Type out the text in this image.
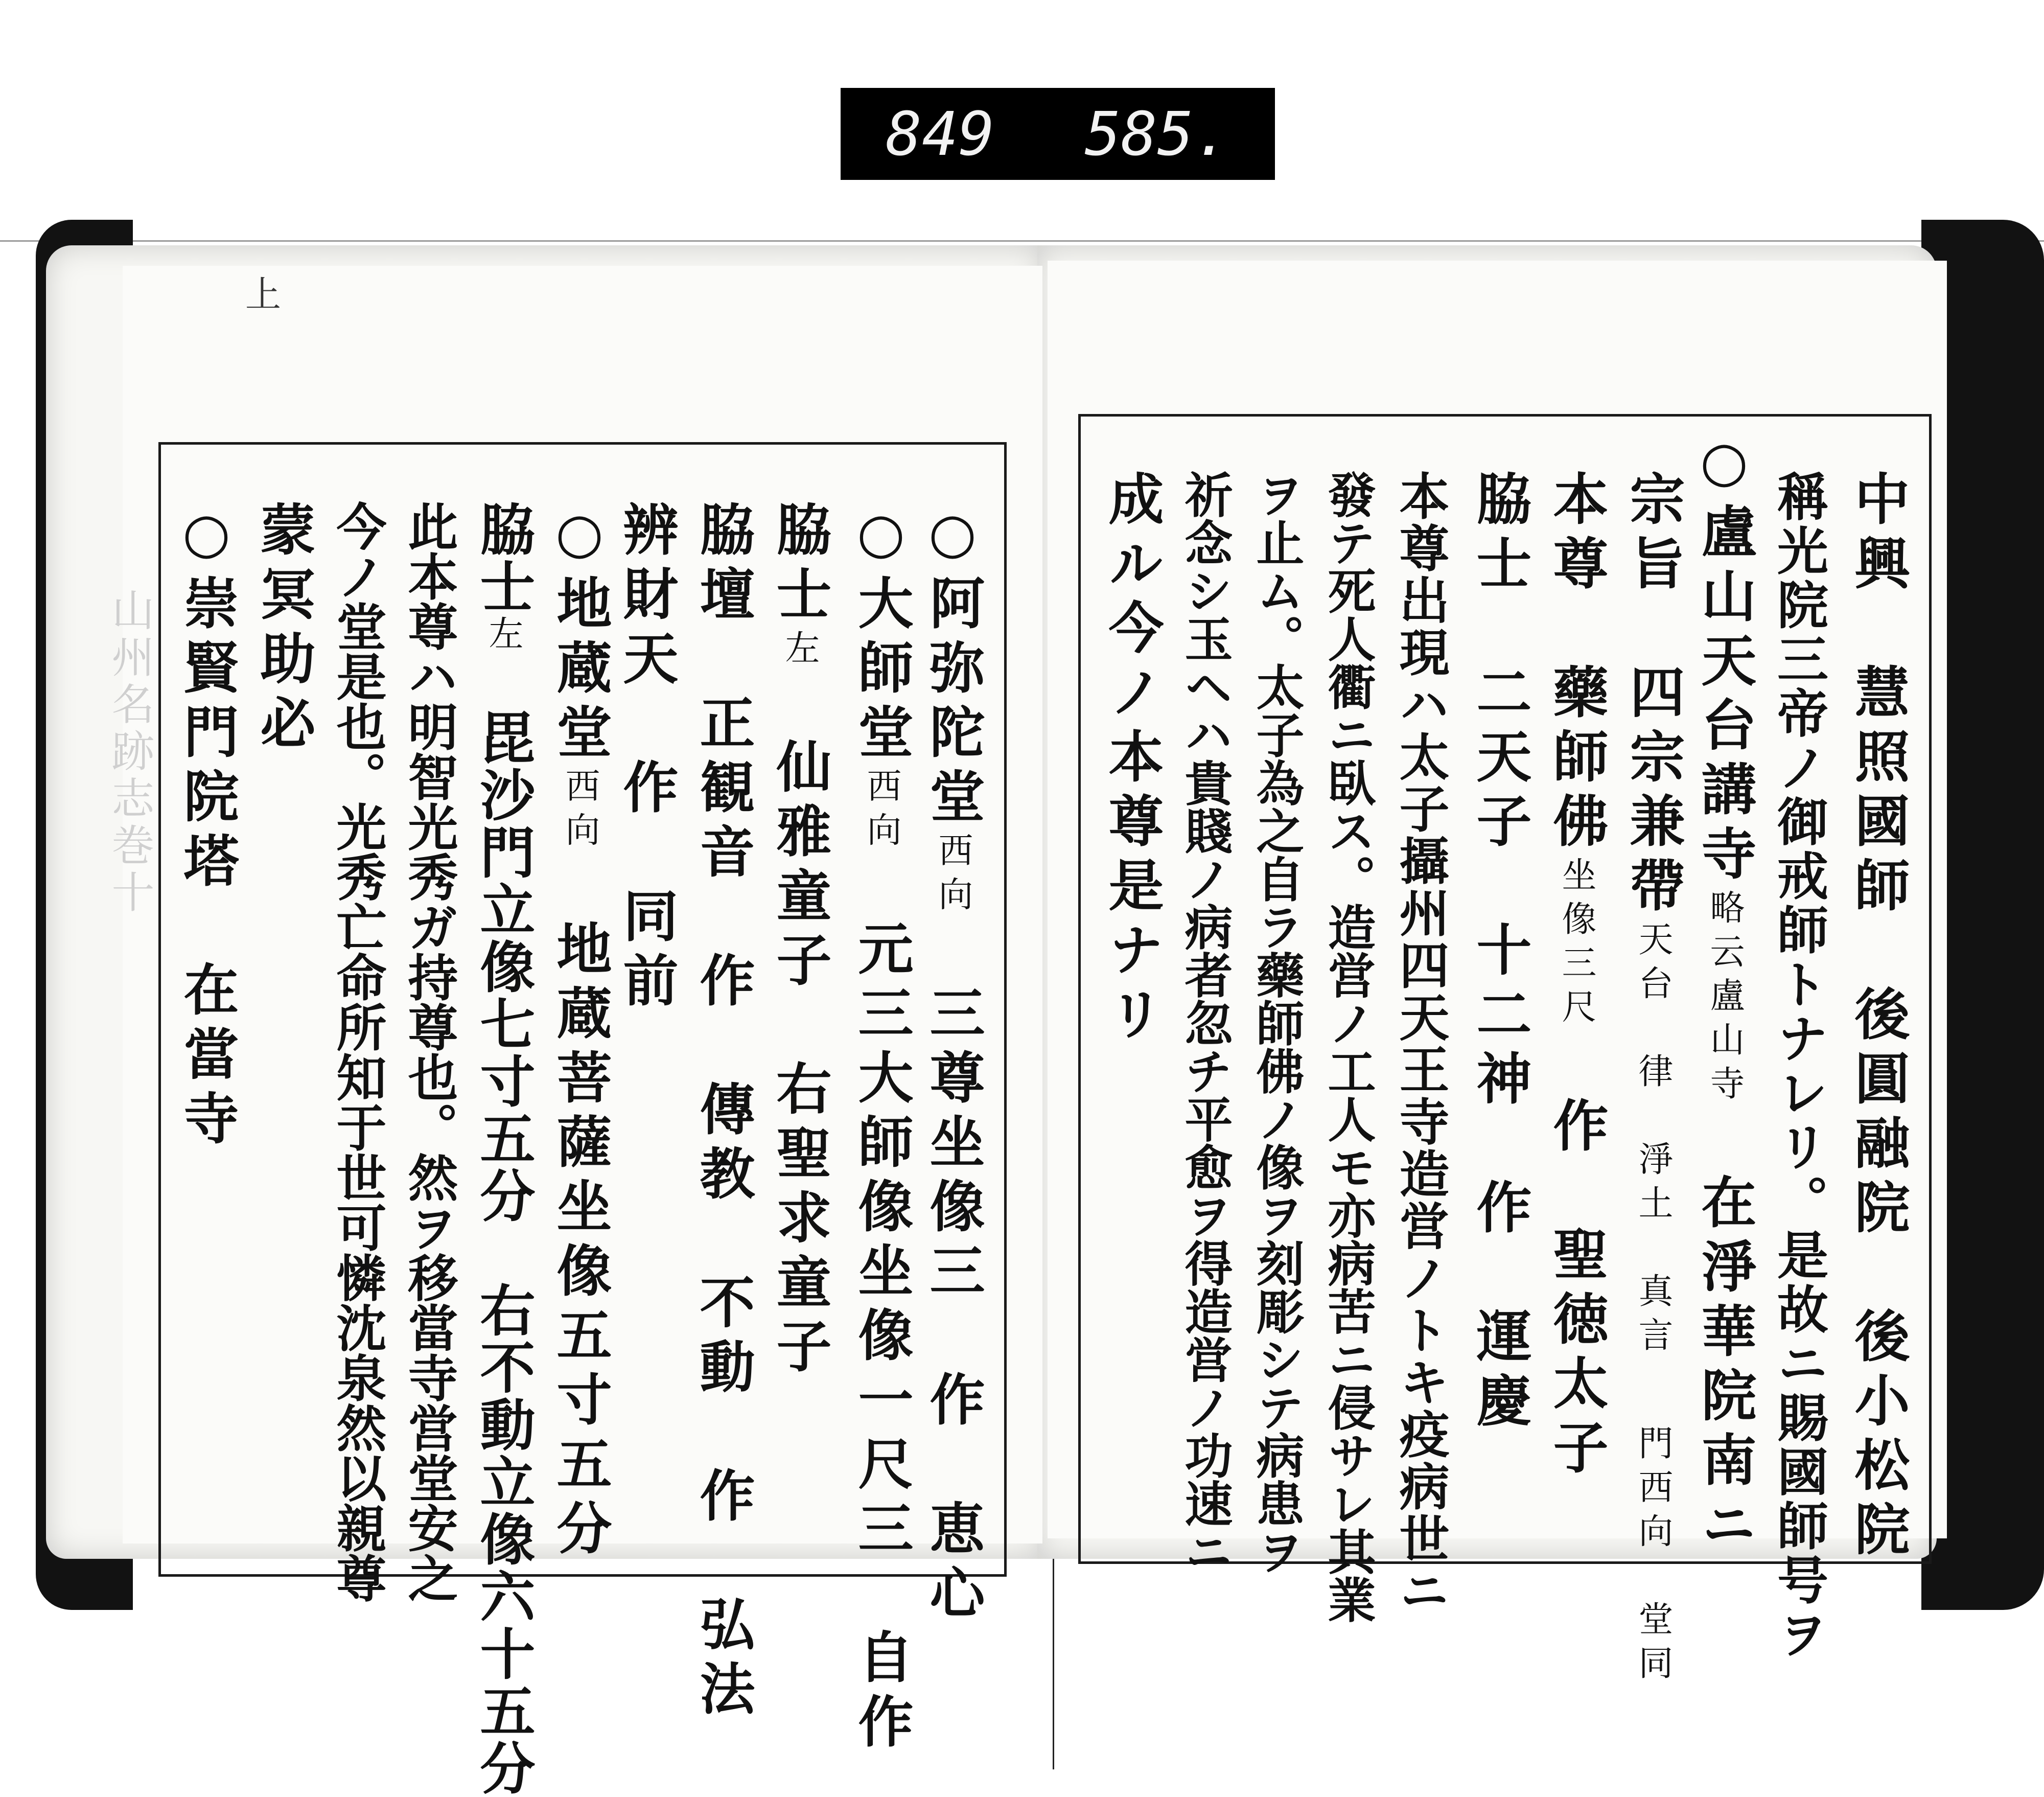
849 585.
山州名跡志巻十
上
○阿弥陀堂西向　三尊坐像三　作　恵心
○大師堂西向　元三大師像坐像一尺三　自作
脇士左　仙雅童子　右聖求童子
脇壇　正観音　作　傳教　不動　作　弘法
辨財天　作　同前
○地蔵堂西向　地蔵菩薩坐像五寸五分
脇士左　毘沙門立像七寸五分　右不動立像六十五分
此本尊ハ明智光秀ガ持尊也。然ヲ移當寺営堂安之
今ノ堂是也。光秀亡命所知于世可憐沈泉然以親尊
蒙冥助必
○崇賢門院塔　在當寺	中興　慧照國師　後圓融院　後小松院
稱光院三帝ノ御戒師トナレリ。是故ニ賜國師号ヲ
○盧山天台講寺略云盧山寺　在淨華院南ニ
宗旨　四宗兼帶天台　律　淨土　真言　門西向　堂同
本尊　藥師佛坐像三尺　作　聖徳太子
脇士　二天子　十二神　作　運慶
本尊出現ハ太子攝州四天王寺造営ノトキ疫病世ニ
發テ死人衢ニ臥ス。造営ノ工人モ亦病苦ニ侵サレ其業
ヲ止ム。太子為之自ラ藥師佛ノ像ヲ刻彫シテ病患ヲ
祈念シ玉ヘハ貴賤ノ病者忽チ平愈ヲ得造営ノ功速ニ
成ル今ノ本尊是ナリ
